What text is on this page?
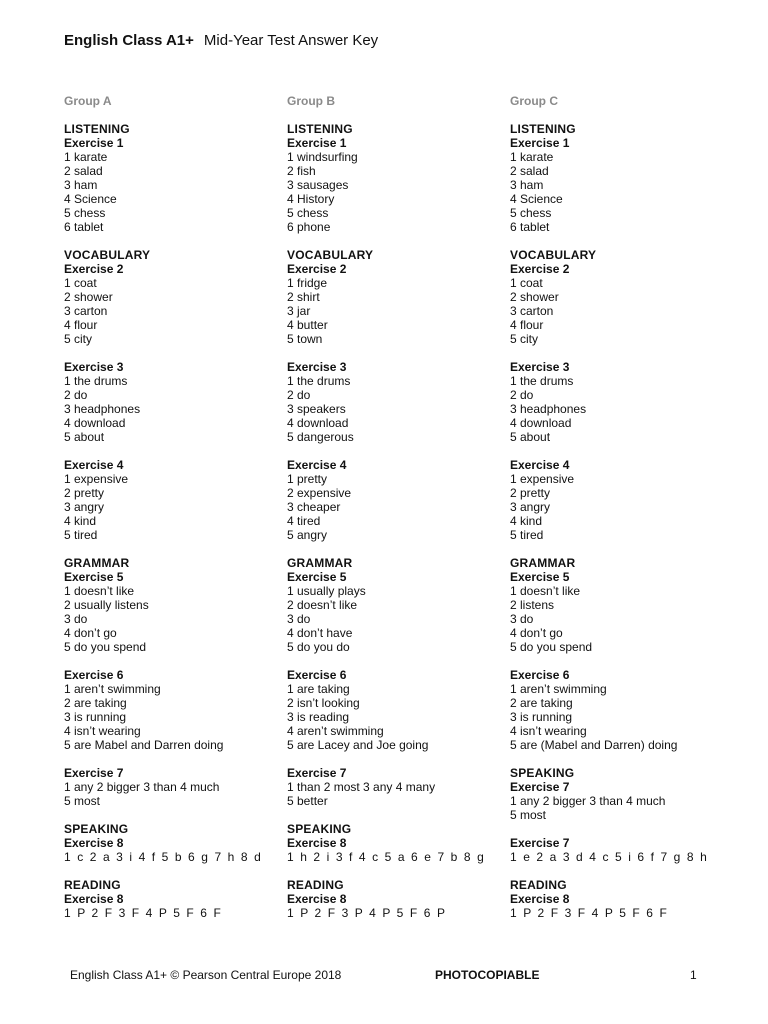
English Class A1+ Mid-Year Test Answer Key
Group A
LISTENING
Exercise 1
1 karate
2 salad
3 ham
4 Science
5 chess
6 tablet
VOCABULARY
Exercise 2
1 coat
2 shower
3 carton
4 flour
5 city
Exercise 3
1 the drums
2 do
3 headphones
4 download
5 about
Exercise 4
1 expensive
2 pretty
3 angry
4 kind
5 tired
GRAMMAR
Exercise 5
1 doesn’t like
2 usually listens
3 do
4 don’t go
5 do you spend
Exercise 6
1 aren’t swimming
2 are taking
3 is running
4 isn’t wearing
5 are Mabel and Darren doing
Exercise 7
1 any 2 bigger 3 than 4 much
5 most
SPEAKING
Exercise 8
1 c 2 a 3 i 4 f 5 b 6 g 7 h 8 d
READING
Exercise 8
1 P 2 F 3 F 4 P 5 F 6 F
Group B
LISTENING
Exercise 1
1 windsurfing
2 fish
3 sausages
4 History
5 chess
6 phone
VOCABULARY
Exercise 2
1 fridge
2 shirt
3 jar
4 butter
5 town
Exercise 3
1 the drums
2 do
3 speakers
4 download
5 dangerous
Exercise 4
1 pretty
2 expensive
3 cheaper
4 tired
5 angry
GRAMMAR
Exercise 5
1 usually plays
2 doesn’t like
3 do
4 don’t have
5 do you do
Exercise 6
1 are taking
2 isn’t looking
3 is reading
4 aren’t swimming
5 are Lacey and Joe going
Exercise 7
1 than 2 most 3 any 4 many
5 better
SPEAKING
Exercise 8
1 h 2 i 3 f 4 c 5 a 6 e 7 b 8 g
READING
Exercise 8
1 P 2 F 3 P 4 P 5 F 6 P
Group C
LISTENING
Exercise 1
1 karate
2 salad
3 ham
4 Science
5 chess
6 tablet
VOCABULARY
Exercise 2
1 coat
2 shower
3 carton
4 flour
5 city
Exercise 3
1 the drums
2 do
3 headphones
4 download
5 about
Exercise 4
1 expensive
2 pretty
3 angry
4 kind
5 tired
GRAMMAR
Exercise 5
1 doesn’t like
2 listens
3 do
4 don’t go
5 do you spend
Exercise 6
1 aren’t swimming
2 are taking
3 is running
4 isn’t wearing
5 are (Mabel and Darren) doing
SPEAKING
Exercise 7
1 any 2 bigger 3 than 4 much
5 most
Exercise 7
1 e 2 a 3 d 4 c 5 i 6 f 7 g 8 h
READING
Exercise 8
1 P 2 F 3 F 4 P 5 F 6 F
English Class A1+ © Pearson Central Europe 2018	PHOTOCOPIABLE	1
